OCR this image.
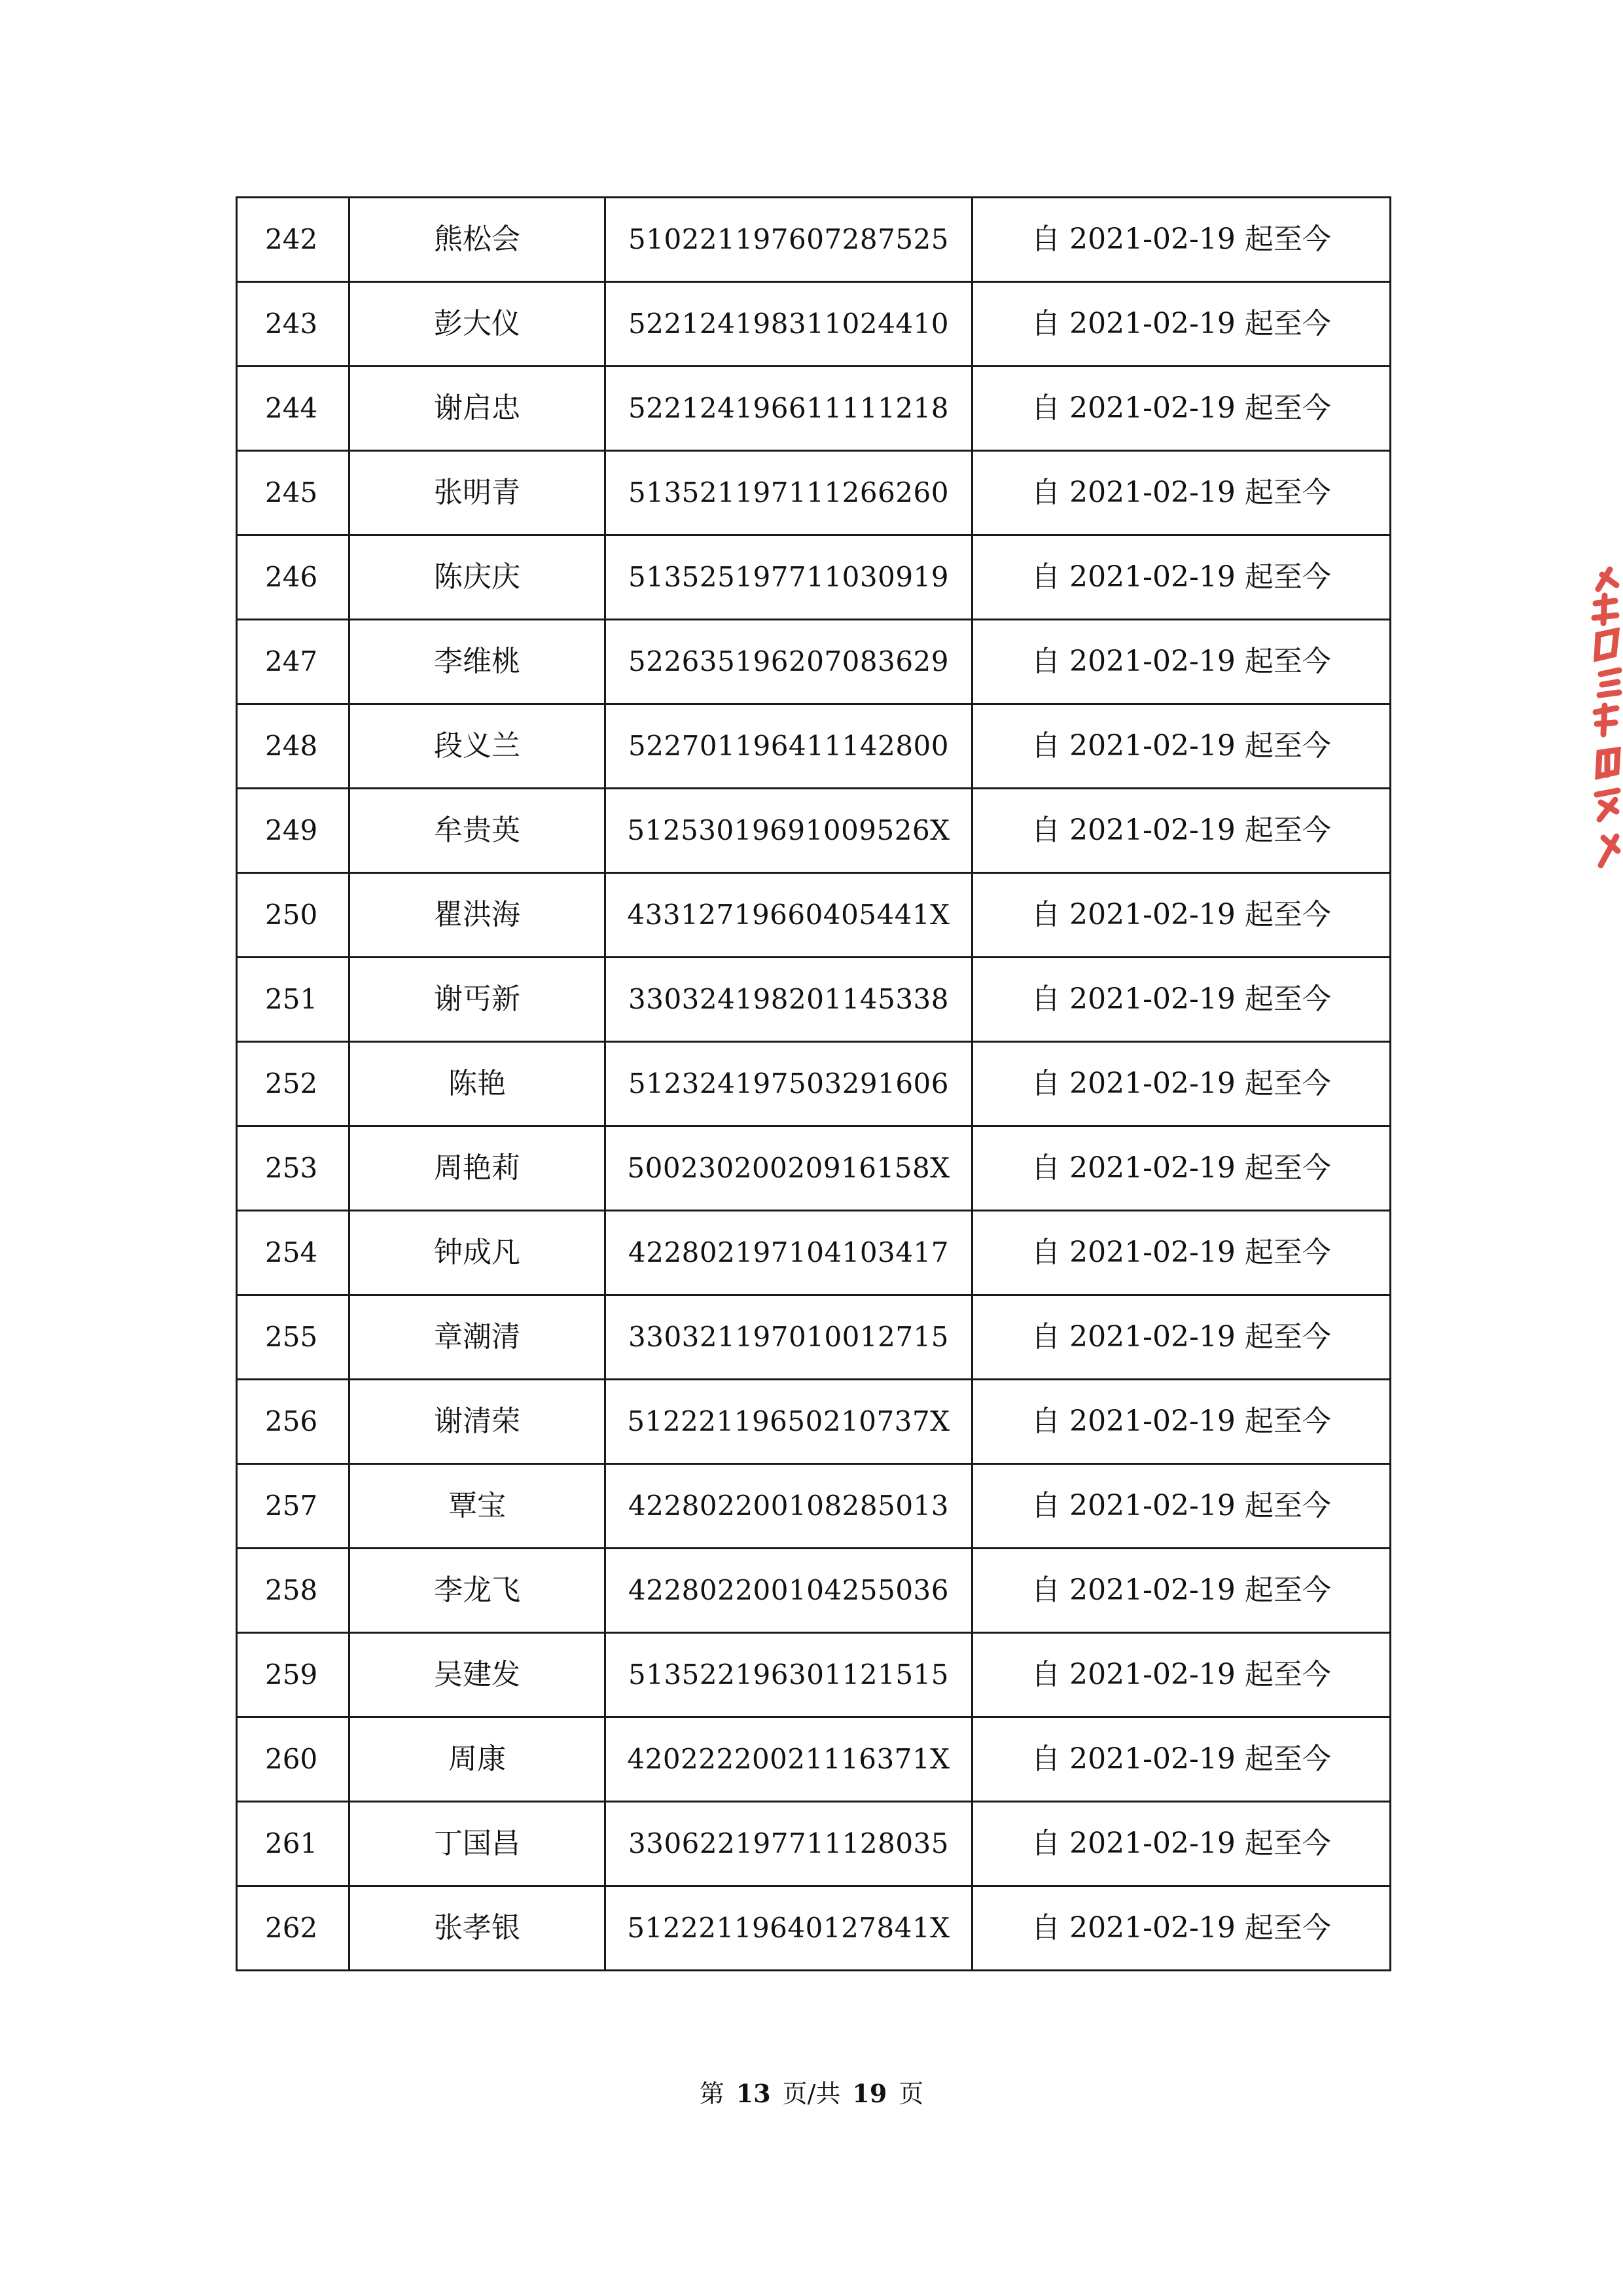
242	熊松会	510221197607287525	自 2021-02-19 起至今
243	彭大仪	522124198311024410	自 2021-02-19 起至今
244	谢启忠	522124196611111218	自 2021-02-19 起至今
245	张明青	513521197111266260	自 2021-02-19 起至今
246	陈庆庆	513525197711030919	自 2021-02-19 起至今
247	李维桃	522635196207083629	自 2021-02-19 起至今
248	段义兰	522701196411142800	自 2021-02-19 起至今
249	牟贵英	51253019691009526X	自 2021-02-19 起至今
250	瞿洪海	43312719660405441X	自 2021-02-19 起至今
251	谢丐新	330324198201145338	自 2021-02-19 起至今
252	陈艳	512324197503291606	自 2021-02-19 起至今
253	周艳莉	50023020020916158X	自 2021-02-19 起至今
254	钟成凡	422802197104103417	自 2021-02-19 起至今
255	章潮清	330321197010012715	自 2021-02-19 起至今
256	谢清荣	51222119650210737X	自 2021-02-19 起至今
257	覃宝	422802200108285013	自 2021-02-19 起至今
258	李龙飞	422802200104255036	自 2021-02-19 起至今
259	吴建发	513522196301121515	自 2021-02-19 起至今
260	周康	42022220021116371X	自 2021-02-19 起至今
261	丁国昌	330622197711128035	自 2021-02-19 起至今
262	张孝银	51222119640127841X	自 2021-02-19 起至今
第 13 页/共 19 页
